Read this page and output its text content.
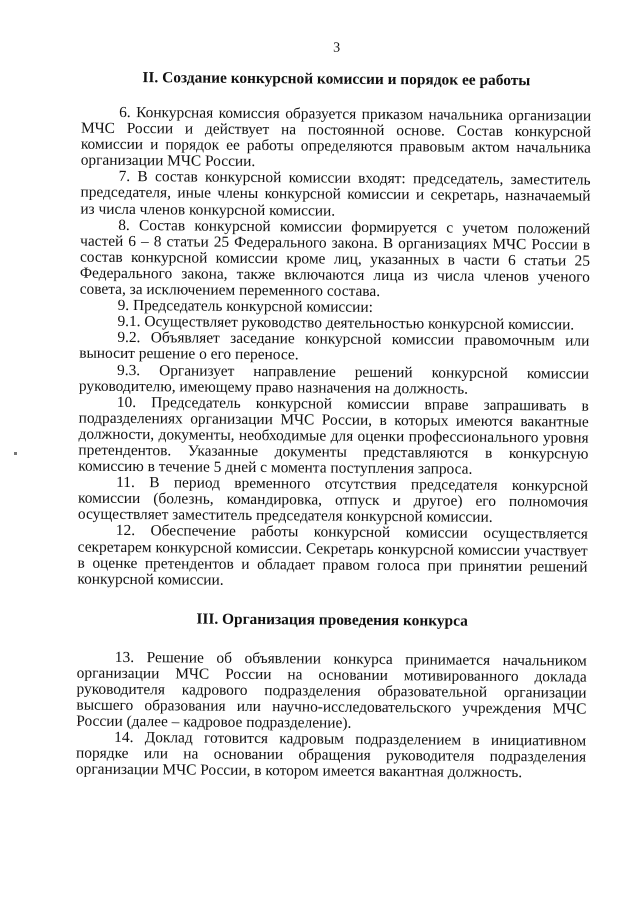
3
II. Создание конкурсной комиссии и порядок ее работы

6. Конкурсная комиссия образуется приказом начальника организации МЧС России и действует на постоянной основе. Состав конкурсной комиссии и порядок ее работы определяются правовым актом начальника организации МЧС России.

7. В состав конкурсной комиссии входят: председатель, заместитель председателя, иные члены конкурсной комиссии и секретарь, назначаемый из числа членов конкурсной комиссии.

8. Состав конкурсной комиссии формируется с учетом положений частей 6 – 8 статьи 25 Федерального закона. В организациях МЧС России в состав конкурсной комиссии кроме лиц, указанных в части 6 статьи 25 Федерального закона, также включаются лица из числа членов ученого совета, за исключением переменного состава.

9. Председатель конкурсной комиссии:

9.1. Осуществляет руководство деятельностью конкурсной комиссии.

9.2. Объявляет заседание конкурсной комиссии правомочным или выносит решение о его переносе.

9.3. Организует направление решений конкурсной комиссии руководителю, имеющему право назначения на должность.

10. Председатель конкурсной комиссии вправе запрашивать в подразделениях организации МЧС России, в которых имеются вакантные должности, документы, необходимые для оценки профессионального уровня претендентов. Указанные документы представляются в конкурсную комиссию в течение 5 дней с момента поступления запроса.

11. В период временного отсутствия председателя конкурсной комиссии (болезнь, командировка, отпуск и другое) его полномочия осуществляет заместитель председателя конкурсной комиссии.

12. Обеспечение работы конкурсной комиссии осуществляется секретарем конкурсной комиссии. Секретарь конкурсной комиссии участвует в оценке претендентов и обладает правом голоса при принятии решений конкурсной комиссии.

III. Организация проведения конкурса

13. Решение об объявлении конкурса принимается начальником организации МЧС России на основании мотивированного доклада руководителя кадрового подразделения образовательной организации высшего образования или научно-исследовательского учреждения МЧС России (далее – кадровое подразделение).

14. Доклад готовится кадровым подразделением в инициативном порядке или на основании обращения руководителя подразделения организации МЧС России, в котором имеется вакантная должность.
